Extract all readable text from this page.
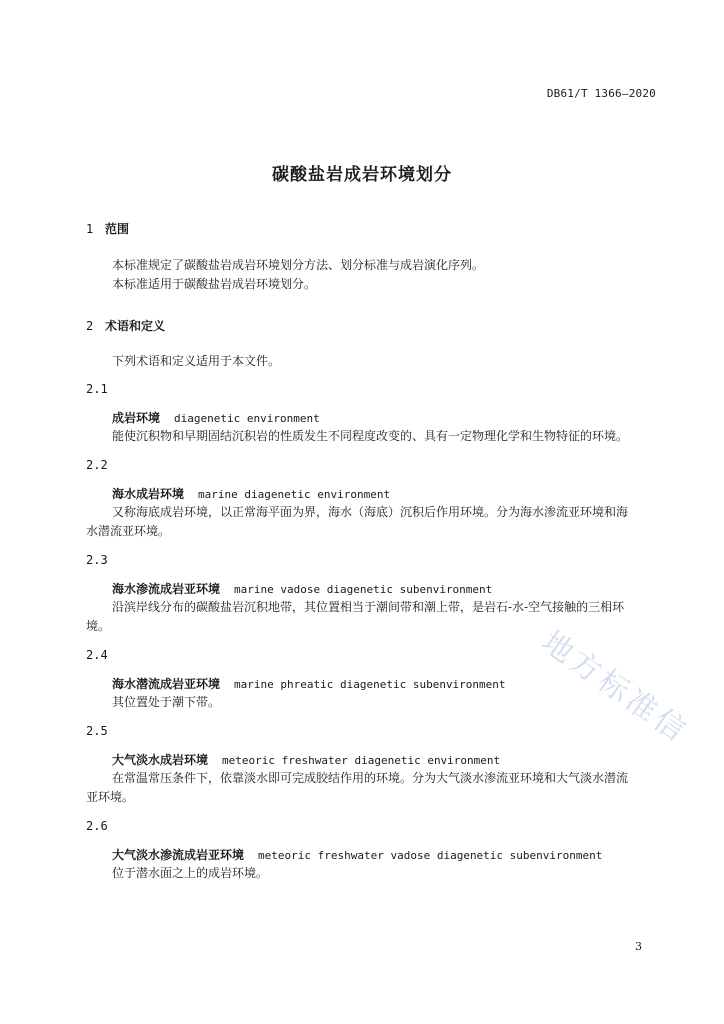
DB61/T 1366—2020
碳酸盐岩成岩环境划分
1 范围
本标准规定了碳酸盐岩成岩环境划分方法、划分标准与成岩演化序列。
本标准适用于碳酸盐岩成岩环境划分。
2 术语和定义
下列术语和定义适用于本文件。
2.1
成岩环境 diagenetic environment
能使沉积物和早期固结沉积岩的性质发生不同程度改变的、具有一定物理化学和生物特征的环境。
2.2
海水成岩环境 marine diagenetic environment
又称海底成岩环境，以正常海平面为界，海水（海底）沉积后作用环境。分为海水渗流亚环境和海
水潜流亚环境。
2.3
海水渗流成岩亚环境 marine vadose diagenetic subenvironment
沿滨岸线分布的碳酸盐岩沉积地带，其位置相当于潮间带和潮上带，是岩石-水-空气接触的三相环
境。
2.4
海水潜流成岩亚环境 marine phreatic diagenetic subenvironment
其位置处于潮下带。
2.5
大气淡水成岩环境 meteoric freshwater diagenetic environment
在常温常压条件下，依靠淡水即可完成胶结作用的环境。分为大气淡水渗流亚环境和大气淡水潜流
亚环境。
2.6
大气淡水渗流成岩亚环境 meteoric freshwater vadose diagenetic subenvironment
位于潜水面之上的成岩环境。
3
地方标准信
